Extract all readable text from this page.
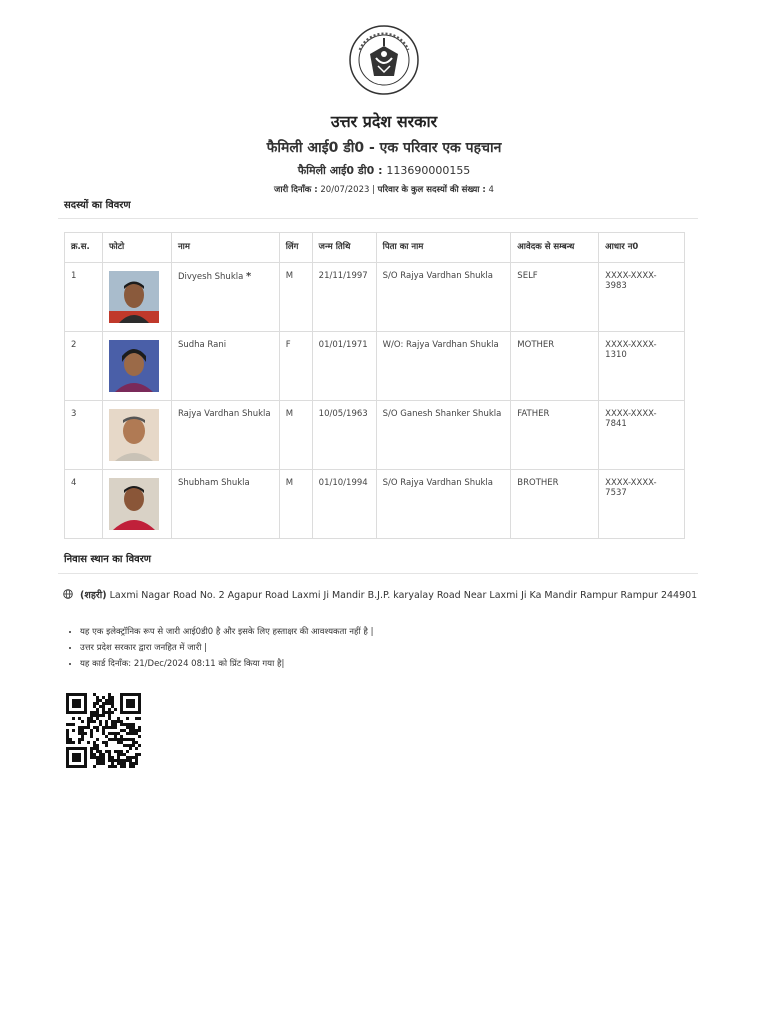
उत्तर प्रदेश सरकार
फैमिली आई0 डी0 - एक परिवार एक पहचान
फैमिली आई0 डी0 : 113690000155
जारी दिनाँक : 20/07/2023 | परिवार के कुल सदस्यों की संख्या : 4
सदस्यों का विवरण
क्र.स.	फोटो	नाम	लिंग	जन्म तिथि	पिता का नाम	आवेदक से सम्बन्ध	आधार न0
1		Divyesh Shukla *	M	21/11/1997	S/O Rajya Vardhan Shukla	SELF	XXXX-XXXX-3983
2		Sudha Rani	F	01/01/1971	W/O: Rajya Vardhan Shukla	MOTHER	XXXX-XXXX-1310
3		Rajya Vardhan Shukla	M	10/05/1963	S/O Ganesh Shanker Shukla	FATHER	XXXX-XXXX-7841
4		Shubham Shukla	M	01/10/1994	S/O Rajya Vardhan Shukla	BROTHER	XXXX-XXXX-7537
निवास स्थान का विवरण
(शहरी) Laxmi Nagar Road No. 2 Agapur Road Laxmi Ji Mandir B.J.P. karyalay Road Near Laxmi Ji Ka Mandir Rampur Rampur 244901
• यह एक इलेक्ट्रॉनिक रूप से जारी आई0डी0 है और इसके लिए हस्ताक्षर की आवश्यकता नहीं है |
• उत्तर प्रदेश सरकार द्वारा जनहित में जारी |
• यह कार्ड दिनाँक: 21/Dec/2024 08:11 को प्रिंट किया गया है|
